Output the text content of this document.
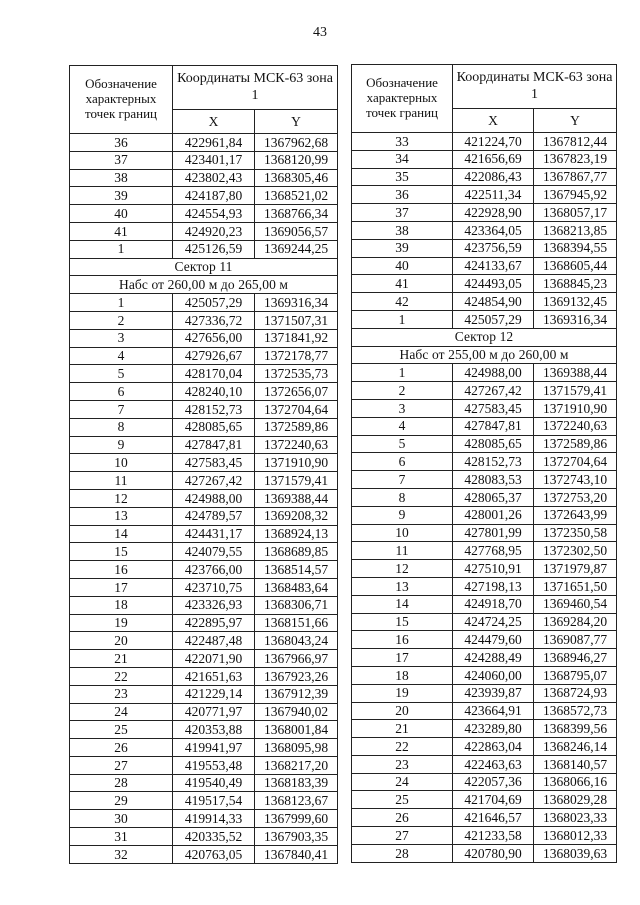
43
Обозначение характерных точек границ	Координаты МСК-63 зона 1	
	X	Y
36	422961,84	1367962,68
37	423401,17	1368120,99
38	423802,43	1368305,46
39	424187,80	1368521,02
40	424554,93	1368766,34
41	424920,23	1369056,57
1	425126,59	1369244,25
Сектор 11		
Набс от 260,00 м до 265,00 м		
1	425057,29	1369316,34
2	427336,72	1371507,31
3	427656,00	1371841,92
4	427926,67	1372178,77
5	428170,04	1372535,73
6	428240,10	1372656,07
7	428152,73	1372704,64
8	428085,65	1372589,86
9	427847,81	1372240,63
10	427583,45	1371910,90
11	427267,42	1371579,41
12	424988,00	1369388,44
13	424789,57	1369208,32
14	424431,17	1368924,13
15	424079,55	1368689,85
16	423766,00	1368514,57
17	423710,75	1368483,64
18	423326,93	1368306,71
19	422895,97	1368151,66
20	422487,48	1368043,24
21	422071,90	1367966,97
22	421651,63	1367923,26
23	421229,14	1367912,39
24	420771,97	1367940,02
25	420353,88	1368001,84
26	419941,97	1368095,98
27	419553,48	1368217,20
28	419540,49	1368183,39
29	419517,54	1368123,67
30	419914,33	1367999,60
31	420335,52	1367903,35
32	420763,05	1367840,41
Обозначение характерных точек границ	Координаты МСК-63 зона 1	
	X	Y
33	421224,70	1367812,44
34	421656,69	1367823,19
35	422086,43	1367867,77
36	422511,34	1367945,92
37	422928,90	1368057,17
38	423364,05	1368213,85
39	423756,59	1368394,55
40	424133,67	1368605,44
41	424493,05	1368845,23
42	424854,90	1369132,45
1	425057,29	1369316,34
Сектор 12		
Набс от 255,00 м до 260,00 м		
1	424988,00	1369388,44
2	427267,42	1371579,41
3	427583,45	1371910,90
4	427847,81	1372240,63
5	428085,65	1372589,86
6	428152,73	1372704,64
7	428083,53	1372743,10
8	428065,37	1372753,20
9	428001,26	1372643,99
10	427801,99	1372350,58
11	427768,95	1372302,50
12	427510,91	1371979,87
13	427198,13	1371651,50
14	424918,70	1369460,54
15	424724,25	1369284,20
16	424479,60	1369087,77
17	424288,49	1368946,27
18	424060,00	1368795,07
19	423939,87	1368724,93
20	423664,91	1368572,73
21	423289,80	1368399,56
22	422863,04	1368246,14
23	422463,63	1368140,57
24	422057,36	1368066,16
25	421704,69	1368029,28
26	421646,57	1368023,33
27	421233,58	1368012,33
28	420780,90	1368039,63
